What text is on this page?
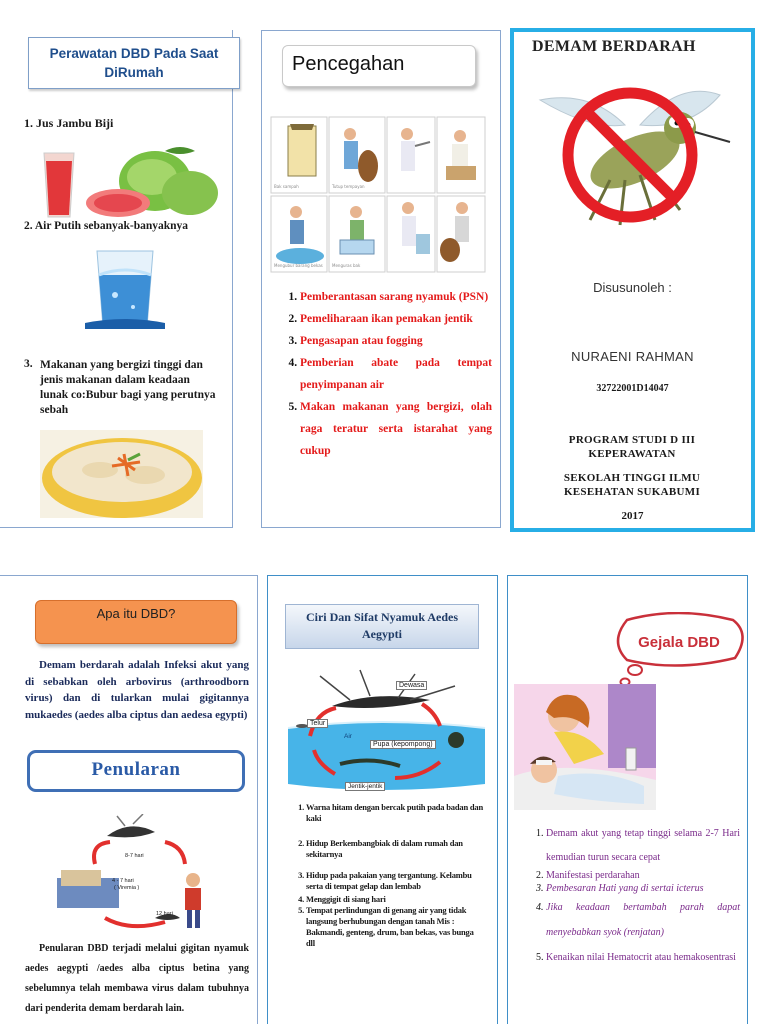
Perawatan DBD Pada Saat DiRumah
1. Jus Jambu Biji
2. Air Putih sebanyak-banyaknya
3. Makanan yang bergizi tinggi dan jenis makanan dalam keadaan lunak co:Bubur bagi yang perutnya sebah
Pencegahan
Bak sampah	Tutup tempayan
Mengubur barang bekas Menguras bak
1. Pemberantasan sarang nyamuk (PSN)
2. Pemeliharaan ikan pemakan jentik
3. Pengasapan atau fogging
4. Pemberian abate pada tempat penyimpanan air
5. Makan makanan yang bergizi, olah raga teratur serta istarahat yang cukup
DEMAM BERDARAH
Disusunoleh :
NURAENI RAHMAN
32722001D14047
PROGRAM STUDI D III KEPERAWATAN
SEKOLAH TINGGI ILMU KESEHATAN SUKABUMI
2017
Apa itu DBD?
Demam berdarah adalah Infeksi akut yang di sebabkan oleh arbovirus (arthroodborn virus) dan di tularkan mulai gigitannya mukaedes (aedes alba ciptus dan aedesa egypti)
Penularan
8-7 hari
4 - 7 hari
( Viremia )
12 hari
Penularan DBD terjadi melalui gigitan nyamuk aedes aegypti /aedes alba ciptus betina yang sebelumnya telah membawa virus dalam tubuhnya dari penderita demam berdarah lain.
Ciri Dan Sifat Nyamuk Aedes Aegypti
Dewasa
Telur
Air
Pupa (kepompong)
Jentik-jentik
1. Warna hitam dengan bercak putih pada badan dan kaki
2. Hidup Berkembangbiak di dalam rumah dan sekitarnya
3. Hidup pada pakaian yang tergantung. Kelambu serta di tempat gelap dan lembab
4. Menggigit di siang hari
5. Tempat perlindungan di genang air yang tidak langsung berhubungan dengan tanah Mis : Bakmandi, genteng, drum, ban bekas, vas bunga dll
Gejala DBD
1. Demam akut yang tetap tinggi selama 2-7 Hari kemudian turun secara cepat
2. Manifestasi perdarahan
3. Pembesaran Hati yang di sertai icterus
4. Jika keadaan bertambah parah dapat menyebabkan syok (renjatan)
5. Kenaikan nilai Hematocrit atau hemakosentrasi
